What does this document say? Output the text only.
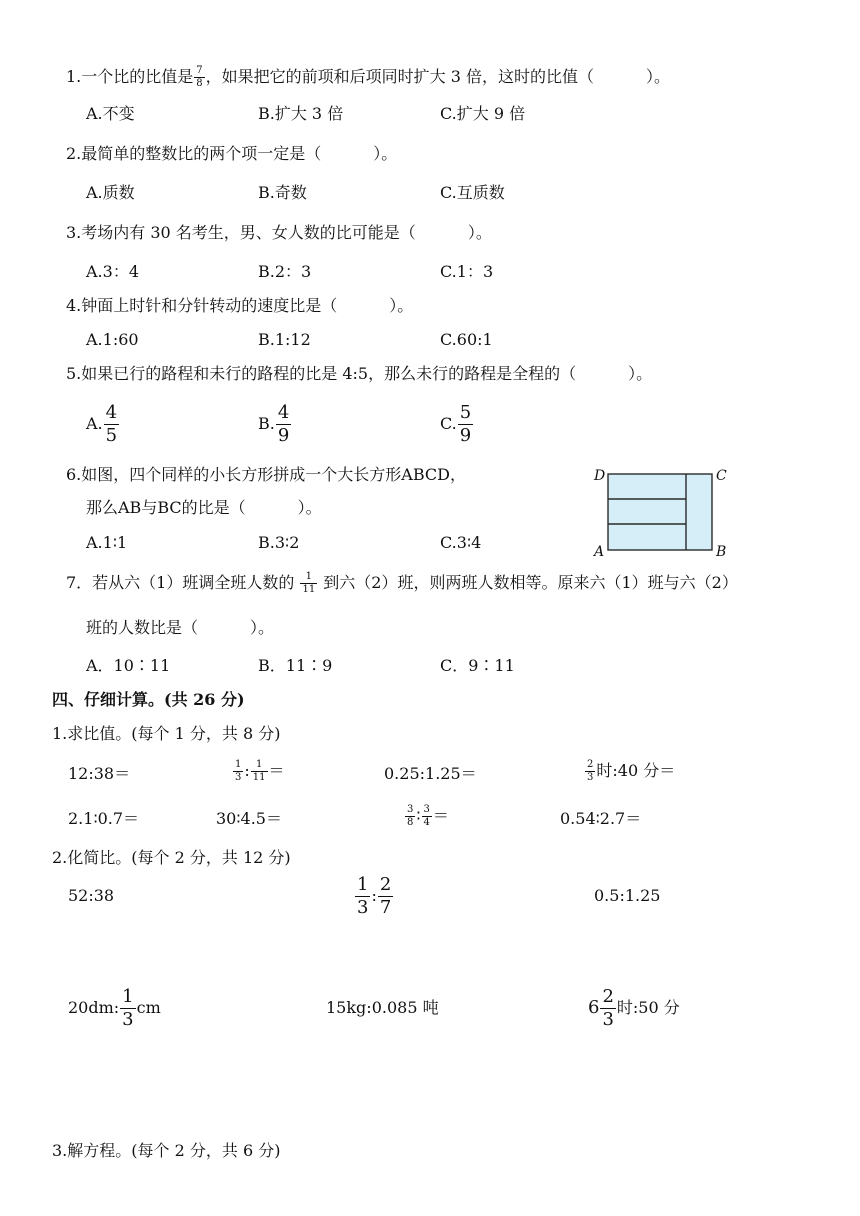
1.一个比的比值是 $\frac{7}{8}$ ，如果把它的前项和后项同时扩大 3 倍，这时的比值（	）。
A.不变	B.扩大 3 倍	C.扩大 9 倍
2.最简单的整数比的两个项一定是（	）。
A.质数	B.奇数	C.互质数
3.考场内有 30 名考生，男、女人数的比可能是（	）。
A.3：4	B.2：3	C.1：3
4.钟面上时针和分针转动的速度比是（	）。
A.1:60	B.1:12	C.60:1
5.如果已行的路程和未行的路程的比是 4:5，那么未行的路程是全程的（	）。
A. $\frac{4}{5}$	B. $\frac{4}{9}$	C. $\frac{5}{9}$
6.如图，四个同样的小长方形拼成一个大长方形ABCD，
那么AB与BC的比是（	）。
A.1∶1	B.3∶2	C.3∶4
D	C
A	B
7．若从六（1）班调全班人数的 $\frac{1}{11}$ 到六（2）班，则两班人数相等。原来六（1）班与六（2）
班的人数比是（	）。
A．10∶11	B．11∶9	C．9∶11
四、仔细计算。(共 26 分)
1.求比值。(每个 1 分，共 8 分)
12:38＝	$\frac{1}{3}$ : $\frac{1}{11}$ ＝	0.25:1.25＝	$\frac{2}{3}$ 时:40 分＝
2.1∶0.7＝	30∶4.5＝	$\frac{3}{8}$ ∶ $\frac{3}{4}$ ＝	0.54∶2.7＝
2.化简比。(每个 2 分，共 12 分)
52:38	$\frac{1}{3}$ : $\frac{2}{7}$	0.5:1.25
20dm: $\frac{1}{3}$ cm	15kg:0.085 吨	$6 \frac{2}{3}$ 时:50 分
3.解方程。(每个 2 分，共 6 分)
